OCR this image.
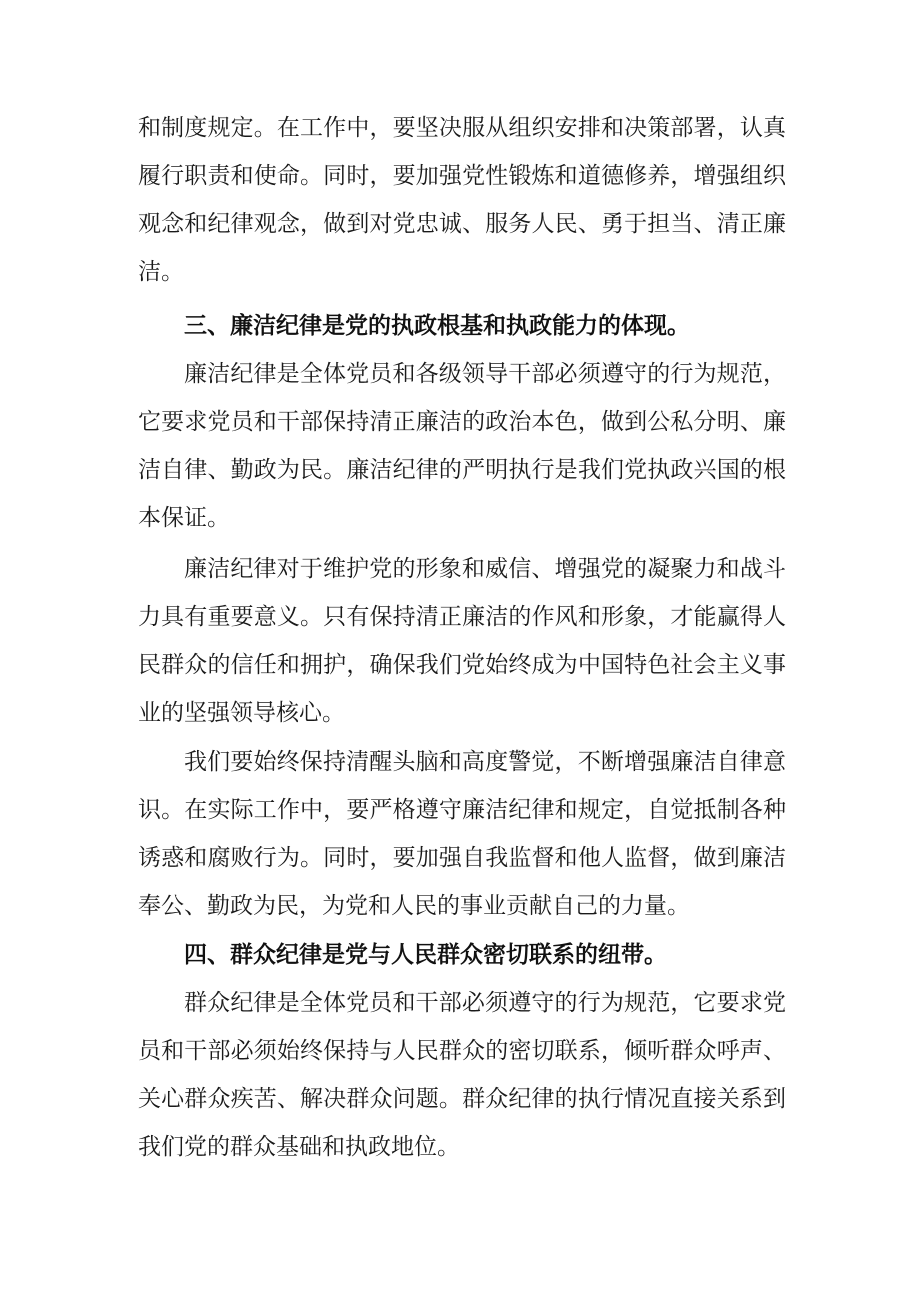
和制度规定。在工作中，要坚决服从组织安排和决策部署，认真
履行职责和使命。同时，要加强党性锻炼和道德修养，增强组织
观念和纪律观念，做到对党忠诚、服务人民、勇于担当、清正廉
洁。
三、廉洁纪律是党的执政根基和执政能力的体现。
廉洁纪律是全体党员和各级领导干部必须遵守的行为规范，
它要求党员和干部保持清正廉洁的政治本色，做到公私分明、廉
洁自律、勤政为民。廉洁纪律的严明执行是我们党执政兴国的根
本保证。
廉洁纪律对于维护党的形象和威信、增强党的凝聚力和战斗
力具有重要意义。只有保持清正廉洁的作风和形象，才能赢得人
民群众的信任和拥护，确保我们党始终成为中国特色社会主义事
业的坚强领导核心。
我们要始终保持清醒头脑和高度警觉，不断增强廉洁自律意
识。在实际工作中，要严格遵守廉洁纪律和规定，自觉抵制各种
诱惑和腐败行为。同时，要加强自我监督和他人监督，做到廉洁
奉公、勤政为民，为党和人民的事业贡献自己的力量。
四、群众纪律是党与人民群众密切联系的纽带。
群众纪律是全体党员和干部必须遵守的行为规范，它要求党
员和干部必须始终保持与人民群众的密切联系，倾听群众呼声、
关心群众疾苦、解决群众问题。群众纪律的执行情况直接关系到
我们党的群众基础和执政地位。
